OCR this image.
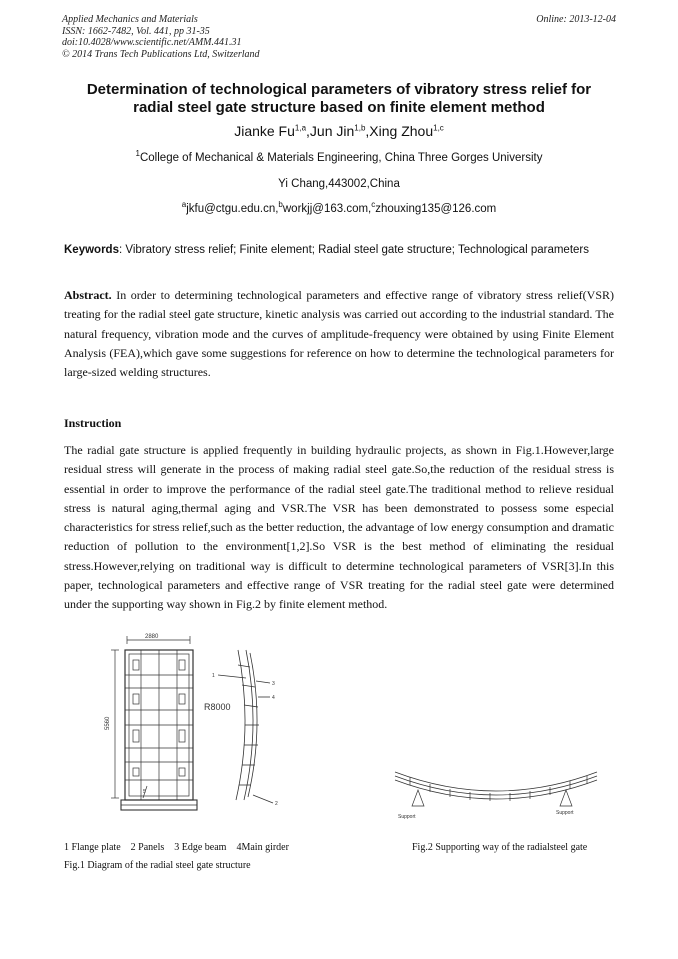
Applied Mechanics and Materials
ISSN: 1662-7482, Vol. 441, pp 31-35
doi:10.4028/www.scientific.net/AMM.441.31
© 2014 Trans Tech Publications Ltd, Switzerland
Online: 2013-12-04
Determination of technological parameters of vibratory stress relief for
radial steel gate structure based on finite element method
Jianke Fu$^{1,a}$,Jun Jin$^{1,b}$,Xing Zhou$^{1,c}$
$^1$College of Mechanical & Materials Engineering, China Three Gorges University
Yi Chang,443002,China
$^a$jkfu@ctgu.edu.cn,$^b$workjj@163.com,$^c$zhouxing135@126.com
Keywords: Vibratory stress relief; Finite element; Radial steel gate structure; Technological parameters
Abstract. In order to determining technological parameters and effective range of vibratory stress relief(VSR) treating for the radial steel gate structure, kinetic analysis was carried out according to the industrial standard. The natural frequency, vibration mode and the curves of amplitude-frequency were obtained by using Finite Element Analysis (FEA),which gave some suggestions for reference on how to determine the technological parameters for large-sized welding structures.
Instruction
The radial gate structure is applied frequently in building hydraulic projects, as shown in Fig.1.However,large residual stress will generate in the process of making radial steel gate.So,the reduction of the residual stress is essential in order to improve the performance of the radial steel gate.The traditional method to relieve residual stress is natural aging,thermal aging and VSR.The VSR has been demonstrated to possess some especial characteristics for stress relief,such as the better reduction, the advantage of low energy consumption and dramatic reduction of pollution to the environment[1,2].So VSR is the best method of eliminating the residual stress.However,relying on traditional way is difficult to determine technological parameters of VSR[3].In this paper, technological parameters and effective range of VSR treating for the radial steel gate were determined under the supporting way shown in Fig.2 by finite element method.
2880
5560
5
1
3
4
2
R8000
Support
Support
1 Flange plate    2 Panels    3 Edge beam    4Main girder
Fig.1 Diagram of the radial steel gate structure
Fig.2 Supporting way of the radialsteel gate
